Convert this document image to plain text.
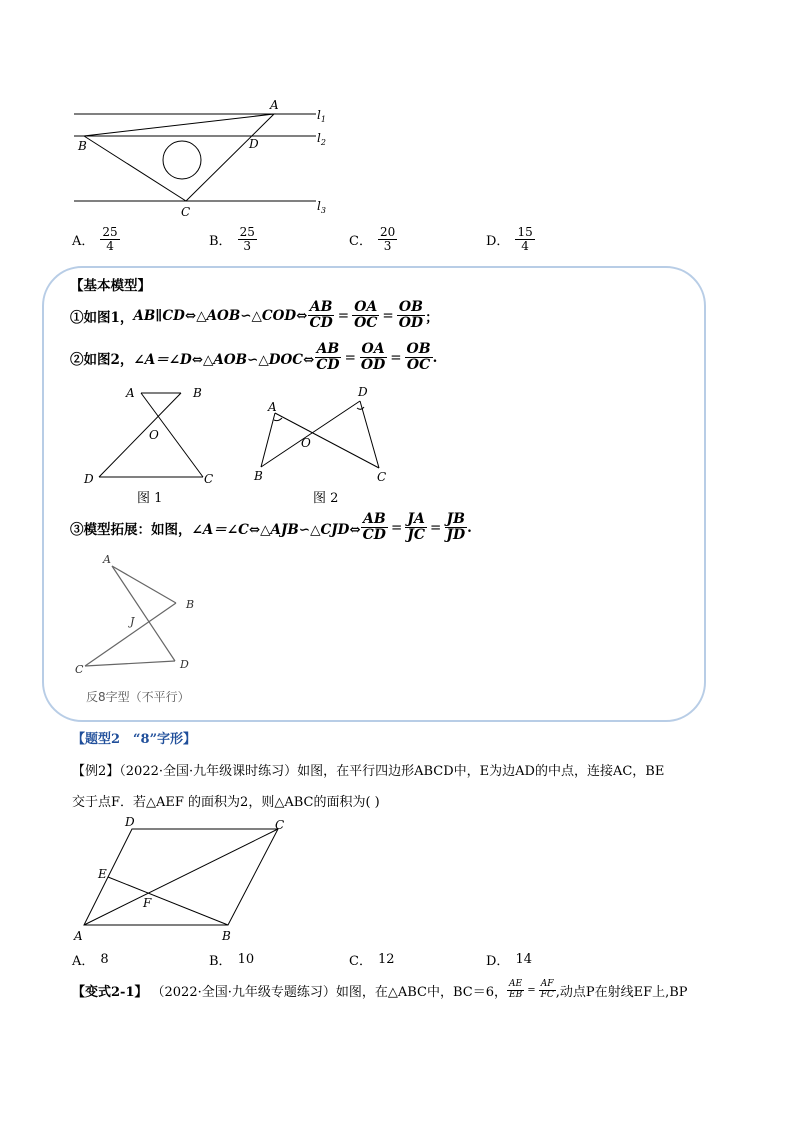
A
B	D
C
$l_1$
$l_2$
$l_3$
A． $\frac{25}{4}$	B． $\frac{25}{3}$	C． $\frac{20}{3}$	D． $\frac{15}{4}$
【基本模型】
①如图1， AB∥CD⇔△AOB∽△COD⇔ $\frac{AB}{CD} = \frac{OA}{OC} = \frac{OB}{OD}$ ；
②如图2， ∠A＝∠D⇔△AOB∽△DOC⇔ $\frac{AB}{CD} = \frac{OA}{OD} = \frac{OB}{OC}$ .
A	B
O
D	C
图 1
A
D
O
B	C
图 2
③模型拓展：如图， ∠A＝∠C⇔△AJB∽△CJD⇔ $\frac{AB}{CD} = \frac{JA}{JC} = \frac{JB}{JD}$ .
A
B
J
C	D
反8字型（不平行）
【题型2　“8”字形】
【例2】（2022·全国·九年级课时练习）如图，在平行四边形ABCD中，E为边AD的中点，连接AC，BE
交于点F．若△AEF 的面积为2，则△ABC的面积为( )
D	C
E
F
A	B
A． 8	B． 10	C． 12	D． 14
【变式2-1】 （2022·全国·九年级专题练习）如图，在△ABC中，BC＝6， $\frac{AE}{EB} = \frac{AF}{FC}$ ,动点P在射线EF上,BP
